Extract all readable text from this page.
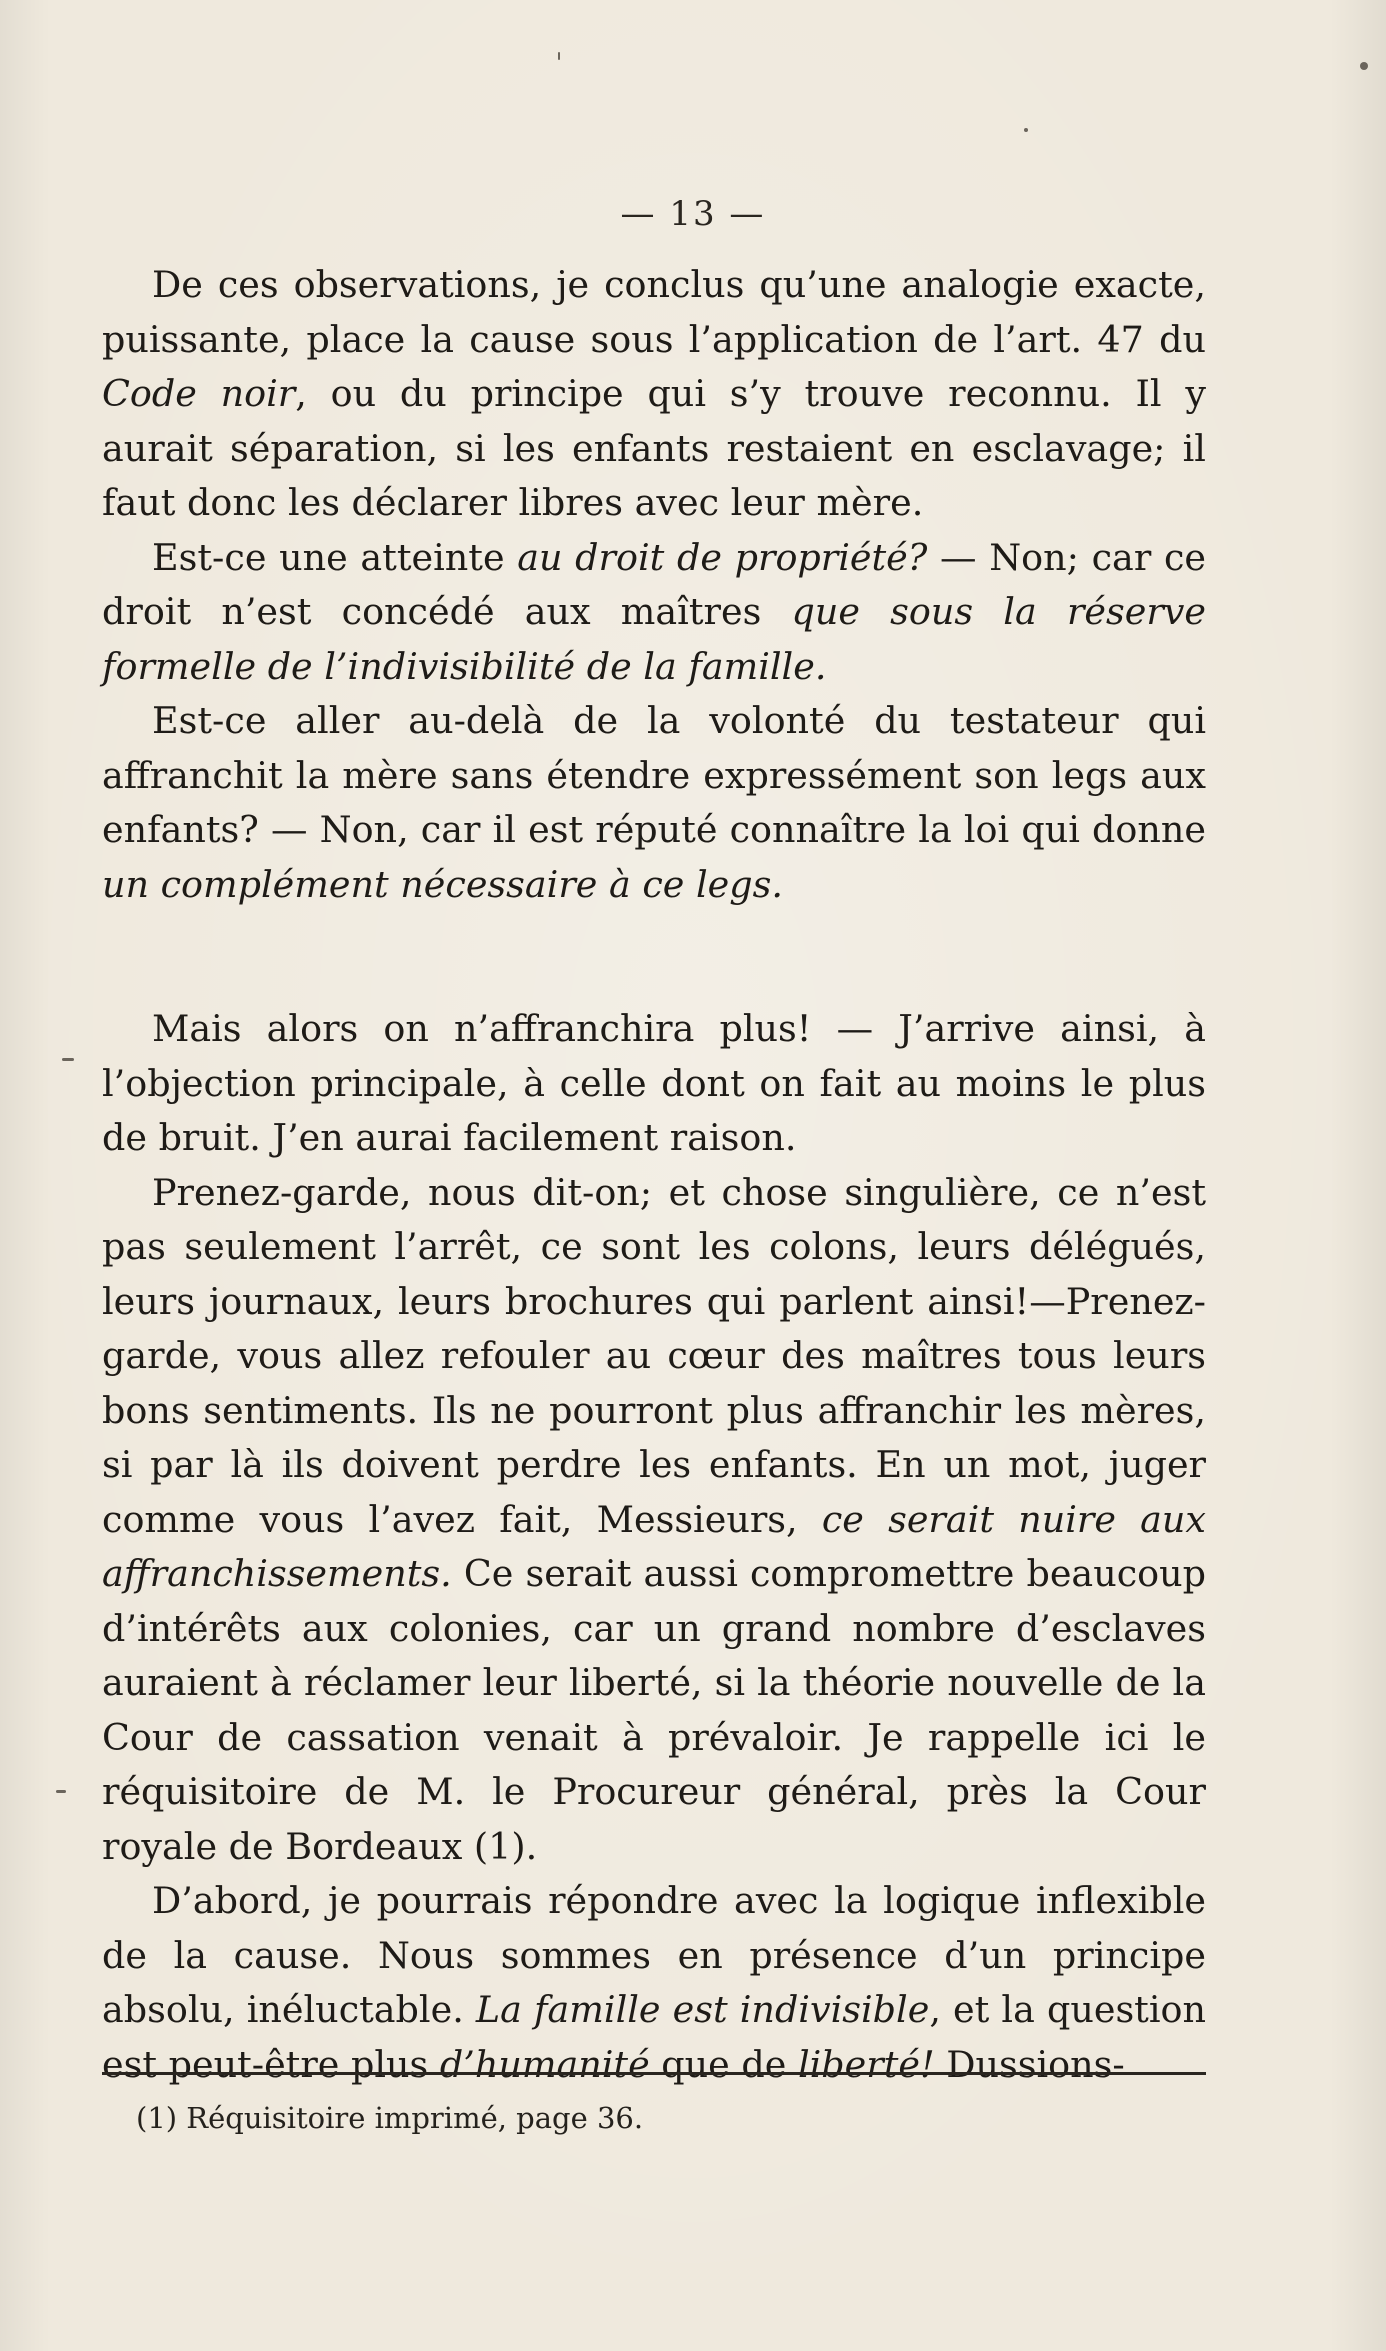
— 13 —

De ces observations, je conclus qu’une analogie exacte, puissante, place la cause sous l’application de l’art. 47 du Code noir, ou du principe qui s’y trouve reconnu. Il y aurait séparation, si les enfants restaient en esclavage; il faut donc les déclarer libres avec leur mère.

Est-ce une atteinte au droit de propriété? — Non; car ce droit n’est concédé aux maîtres que sous la réserve formelle de l’indivisibilité de la famille.

Est-ce aller au-delà de la volonté du testateur qui affranchit la mère sans étendre expressément son legs aux enfants? — Non, car il est réputé connaître la loi qui donne un complément nécessaire à ce legs.

Mais alors on n’affranchira plus! — J’arrive ainsi, à l’objection principale, à celle dont on fait au moins le plus de bruit. J’en aurai facilement raison.

Prenez-garde, nous dit-on; et chose singulière, ce n’est pas seulement l’arrêt, ce sont les colons, leurs délégués, leurs journaux, leurs brochures qui parlent ainsi!—Prenez-garde, vous allez refouler au cœur des maîtres tous leurs bons sentiments. Ils ne pourront plus affranchir les mères, si par là ils doivent perdre les enfants. En un mot, juger comme vous l’avez fait, Messieurs, ce serait nuire aux affranchissements. Ce serait aussi compromettre beaucoup d’intérêts aux colonies, car un grand nombre d’esclaves auraient à réclamer leur liberté, si la théorie nouvelle de la Cour de cassation venait à prévaloir. Je rappelle ici le réquisitoire de M. le Procureur général, près la Cour royale de Bordeaux (1).

D’abord, je pourrais répondre avec la logique inflexible de la cause. Nous sommes en présence d’un principe absolu, inéluctable. La famille est indivisible, et la question est peut-être plus d’humanité que de liberté! Dussions-

(1) Réquisitoire imprimé, page 36.
